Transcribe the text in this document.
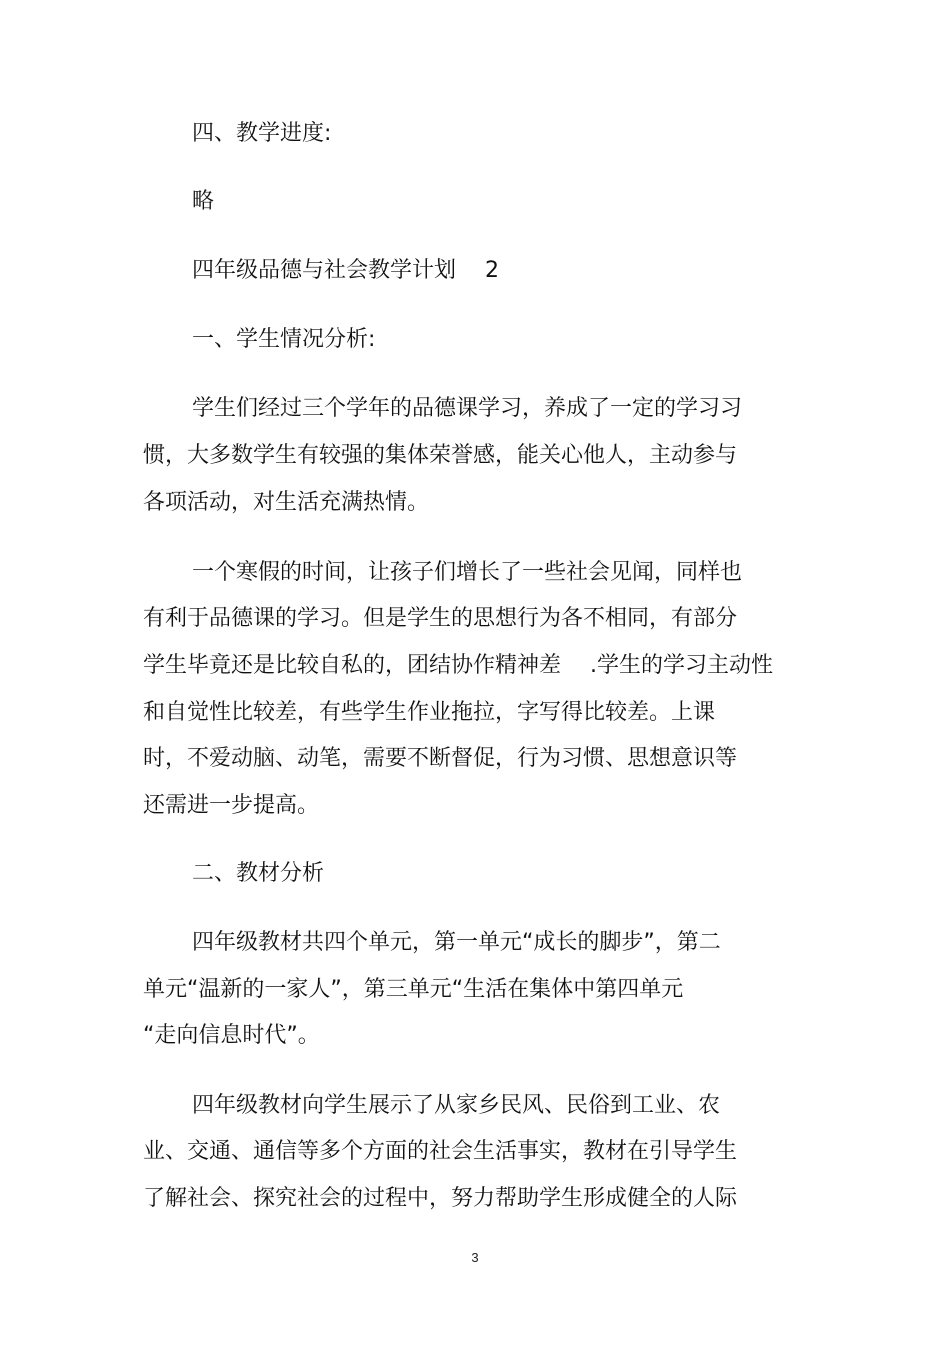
四、教学进度:
略
四年级品德与社会教学计划　 2
一、学生情况分析:
学生们经过三个学年的品德课学习，养成了一定的学习习
惯，大多数学生有较强的集体荣誉感，能关心他人，主动参与
各项活动，对生活充满热情。
一个寒假的时间，让孩子们增长了一些社会见闻，同样也
有利于品德课的学习。但是学生的思想行为各不相同，有部分
学生毕竟还是比较自私的，团结协作精神差　 .学生的学习主动性
和自觉性比较差，有些学生作业拖拉，字写得比较差。上课
时，不爱动脑、动笔，需要不断督促，行为习惯、思想意识等
还需进一步提高。
二、教材分析
四年级教材共四个单元，第一单元“成长的脚步”，第二
单元“温新的一家人”，第三单元“生活在集体中第四单元
“走向信息时代”。
四年级教材向学生展示了从家乡民风、民俗到工业、农
业、交通、通信等多个方面的社会生活事实，教材在引导学生
了解社会、探究社会的过程中，努力帮助学生形成健全的人际
3
